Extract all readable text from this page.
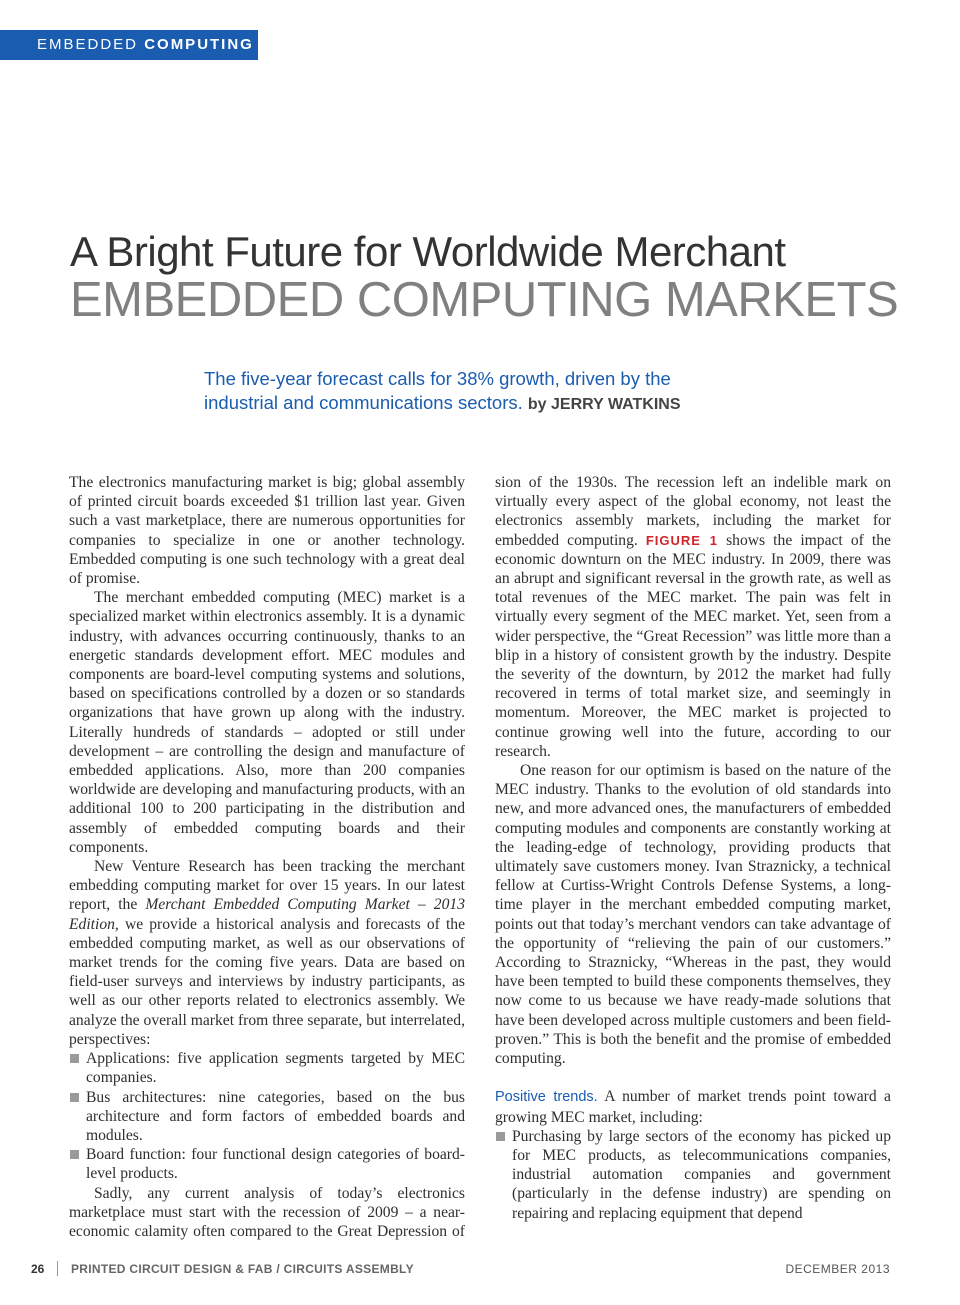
EMBEDDED COMPUTING
A Bright Future for Worldwide Merchant
EMBEDDED COMPUTING MARKETS
The five-year forecast calls for 38% growth, driven by the industrial and communications sectors. by JERRY WATKINS

The electronics manufacturing market is big; global assembly of printed circuit boards exceeded $1 trillion last year. Given such a vast marketplace, there are numerous opportunities for companies to specialize in one or another technology. Embedded computing is one such technology with a great deal of promise.

The merchant embedded computing (MEC) market is a specialized market within electronics assembly. It is a dynamic industry, with advances occurring continuously, thanks to an energetic standards development effort. MEC modules and components are board-level computing systems and solutions, based on specifications controlled by a dozen or so standards organizations that have grown up along with the industry. Literally hundreds of standards – adopted or still under development – are controlling the design and manufacture of embedded applications. Also, more than 200 companies worldwide are developing and manufacturing products, with an additional 100 to 200 participating in the distribution and assembly of embedded computing boards and their components.

New Venture Research has been tracking the merchant embedding computing market for over 15 years. In our latest report, the Merchant Embedded Computing Market – 2013 Edition, we provide a historical analysis and forecasts of the embedded computing market, as well as our observations of market trends for the coming five years. Data are based on field-user surveys and interviews by industry participants, as well as our other reports related to electronics assembly. We analyze the overall market from three separate, but interrelated, perspectives:

Applications: five application segments targeted by MEC companies.
Bus architectures: nine categories, based on the bus architecture and form factors of embedded boards and modules.
Board function: four functional design categories of board-level products.

Sadly, any current analysis of today’s electronics marketplace must start with the recession of 2009 – a near-economic calamity often compared to the Great Depression of

sion of the 1930s. The recession left an indelible mark on virtually every aspect of the global economy, not least the electronics assembly markets, including the market for embedded computing. FIGURE 1 shows the impact of the economic downturn on the MEC industry. In 2009, there was an abrupt and significant reversal in the growth rate, as well as total revenues of the MEC market. The pain was felt in virtually every segment of the MEC market. Yet, seen from a wider perspective, the “Great Recession” was little more than a blip in a history of consistent growth by the industry. Despite the severity of the downturn, by 2012 the market had fully recovered in terms of total market size, and seemingly in momentum. Moreover, the MEC market is projected to continue growing well into the future, according to our research.

One reason for our optimism is based on the nature of the MEC industry. Thanks to the evolution of old standards into new, and more advanced ones, the manufacturers of embedded computing modules and components are constantly working at the leading-edge of technology, providing products that ultimately save customers money. Ivan Straznicky, a technical fellow at Curtiss-Wright Controls Defense Systems, a long-time player in the merchant embedded computing market, points out that today’s merchant vendors can take advantage of the opportunity of “relieving the pain of our customers.” According to Straznicky, “Whereas in the past, they would have been tempted to build these components themselves, they now come to us because we have ready-made solutions that have been developed across multiple customers and been field-proven.” This is both the benefit and the promise of embedded computing.

Positive trends. A number of market trends point toward a growing MEC market, including:

Purchasing by large sectors of the economy has picked up for MEC products, as telecommunications companies, industrial automation companies and government (particularly in the defense industry) are spending on repairing and replacing equipment that depend
26 PRINTED CIRCUIT DESIGN & FAB / CIRCUITS ASSEMBLY	DECEMBER 2013
